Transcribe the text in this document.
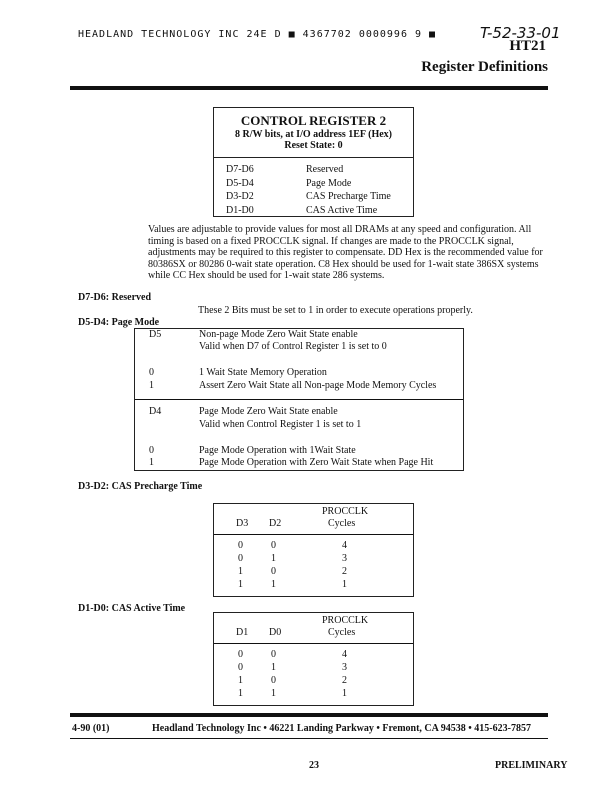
HEADLAND TECHNOLOGY INC 24E D ■ 4367702 0000996 9 ■	T-52-33-01
HT21
Register Definitions
CONTROL REGISTER 2
8 R/W bits, at I/O address 1EF (Hex)
Reset State: 0
D7-D6	Reserved
D5-D4	Page Mode
D3-D2	CAS Precharge Time
D1-D0	CAS Active Time
Values are adjustable to provide values for most all DRAMs at any speed and configuration. All timing is based on a fixed PROCCLK signal. If changes are made to the PROCCLK signal, adjustments may be required to this register to compensate. DD Hex is the recommended value for 80386SX or 80286 0-wait state operation. C8 Hex should be used for 1-wait state 386SX systems while CC Hex should be used for 1-wait state 286 systems.
D7-D6: Reserved
These 2 Bits must be set to 1 in order to execute operations properly.
D5-D4: Page Mode
D5	Non-page Mode Zero Wait State enable
Valid when D7 of Control Register 1 is set to 0
0	1 Wait State Memory Operation
1	Assert Zero Wait State all Non-page Mode Memory Cycles
D4	Page Mode Zero Wait State enable
Valid when Control Register 1 is set to 1
0	Page Mode Operation with 1Wait State
1	Page Mode Operation with Zero Wait State when Page Hit
D3-D2: CAS Precharge Time
PROCCLK
D3 D2	Cycles
0	0	4
0	1	3
1	0	2
1	1	1
D1-D0: CAS Active Time
PROCCLK
D1 D0	Cycles
0	0	4
0	1	3
1	0	2
1	1	1
4-90 (01)	Headland Technology Inc • 46221 Landing Parkway • Fremont, CA 94538 • 415-623-7857
23	PRELIMINARY
